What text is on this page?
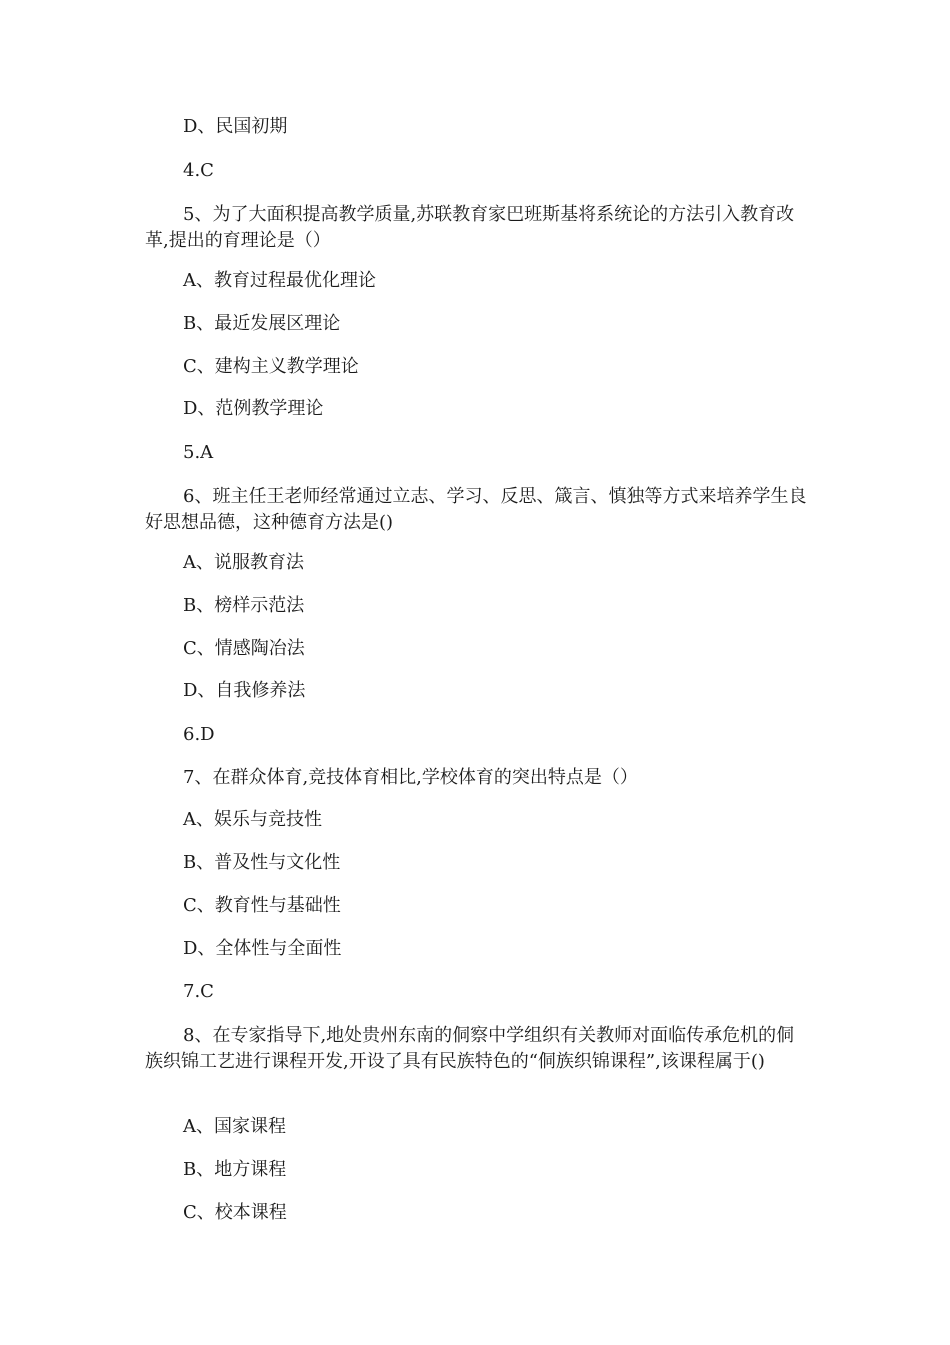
D、民国初期
4.C
5、为了大面积提高教学质量,苏联教育家巴班斯基将系统论的方法引入教育改革,提出的育理论是（）
A、教育过程最优化理论
B、最近发展区理论
C、建构主义教学理论
D、范例教学理论
5.A
6、班主任王老师经常通过立志、学习、反思、箴言、慎独等方式来培养学生良好思想品德，这种德育方法是()
A、说服教育法
B、榜样示范法
C、情感陶冶法
D、自我修养法
6.D
7、在群众体育,竞技体育相比,学校体育的突出特点是（）
A、娱乐与竞技性
B、普及性与文化性
C、教育性与基础性
D、全体性与全面性
7.C
8、在专家指导下,地处贵州东南的侗察中学组织有关教师对面临传承危机的侗族织锦工艺进行课程开发,开设了具有民族特色的“侗族织锦课程”,该课程属于()
A、国家课程
B、地方课程
C、校本课程
